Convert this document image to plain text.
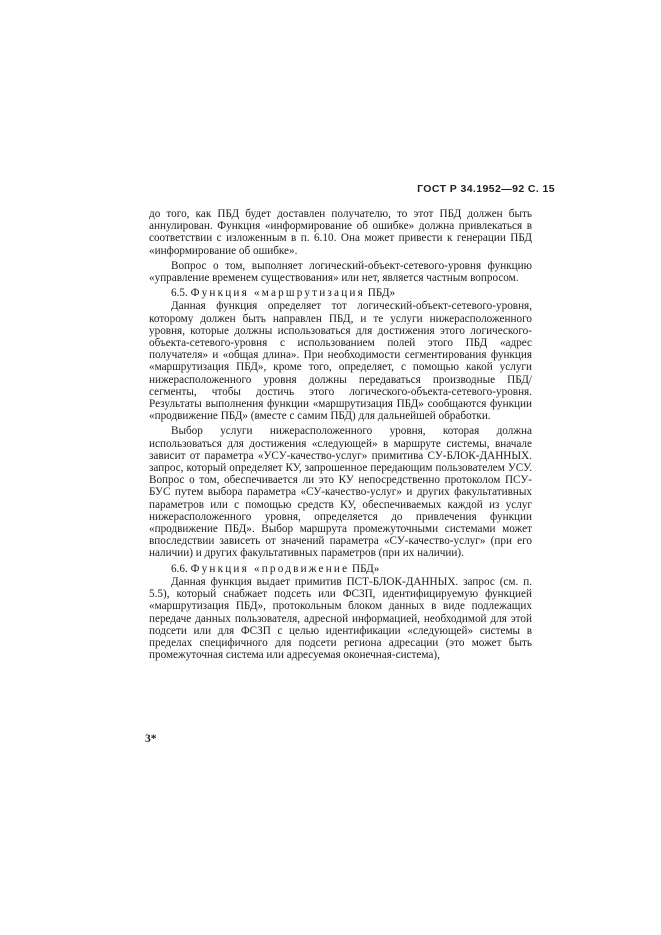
ГОСТ Р 34.1952—92 С. 15

до того, как ПБД будет доставлен получателю, то этот ПБД должен быть аннулирован. Функция «информирование об ошибке» должна привлекаться в соответствии с изложенным в п. 6.10. Она может привести к генерации ПБД «информирование об ошибке».

Вопрос о том, выполняет логический-объект-сетевого-уровня функцию «управление временем существования» или нет, является частным вопросом.

6.5. Функция «маршрутизация ПБД»

Данная функция определяет тот логический-объект-сетевого-уровня, которому должен быть направлен ПБД, и те услуги нижерасположенного уровня, которые должны использоваться для достижения этого логического-объекта-сетевого-уровня с использованием полей этого ПБД «адрес получателя» и «общая длина». При необходимости сегментирования функция «маршрутизация ПБД», кроме того, определяет, с помощью какой услуги нижерасположенного уровня должны передаваться производные ПБД/сегменты, чтобы достичь этого логического-объекта-сетевого-уровня. Результаты выполнения функции «маршрутизация ПБД» сообщаются функции «продвижение ПБД» (вместе с самим ПБД) для дальнейшей обработки.

Выбор услуги нижерасположенного уровня, которая должна использоваться для достижения «следующей» в маршруте системы, вначале зависит от параметра «УСУ-качество-услуг» примитива СУ-БЛОК-ДАННЫХ. запрос, который определяет КУ, запрошенное передающим пользователем УСУ. Вопрос о том, обеспечивается ли это КУ непосредственно протоколом ПСУ-БУС путем выбора параметра «СУ-качество-услуг» и других факультативных параметров или с помощью средств КУ, обеспечиваемых каждой из услуг нижерасположенного уровня, определяется до привлечения функции «продвижение ПБД». Выбор маршрута промежуточными системами может впоследствии зависеть от значений параметра «СУ-качество-услуг» (при его наличии) и других факультативных параметров (при их наличии).

6.6. Функция «продвижение ПБД»

Данная функция выдает примитив ПСТ-БЛОК-ДАННЫХ. запрос (см. п. 5.5), который снабжает подсеть или ФСЗП, идентифицируемую функцией «маршрутизация ПБД», протокольным блоком данных в виде подлежащих передаче данных пользователя, адресной информацией, необходимой для этой подсети или для ФСЗП с целью идентификации «следующей» системы в пределах специфичного для подсети региона адресации (это может быть промежуточная система или адресуемая оконечная-система),

3*
